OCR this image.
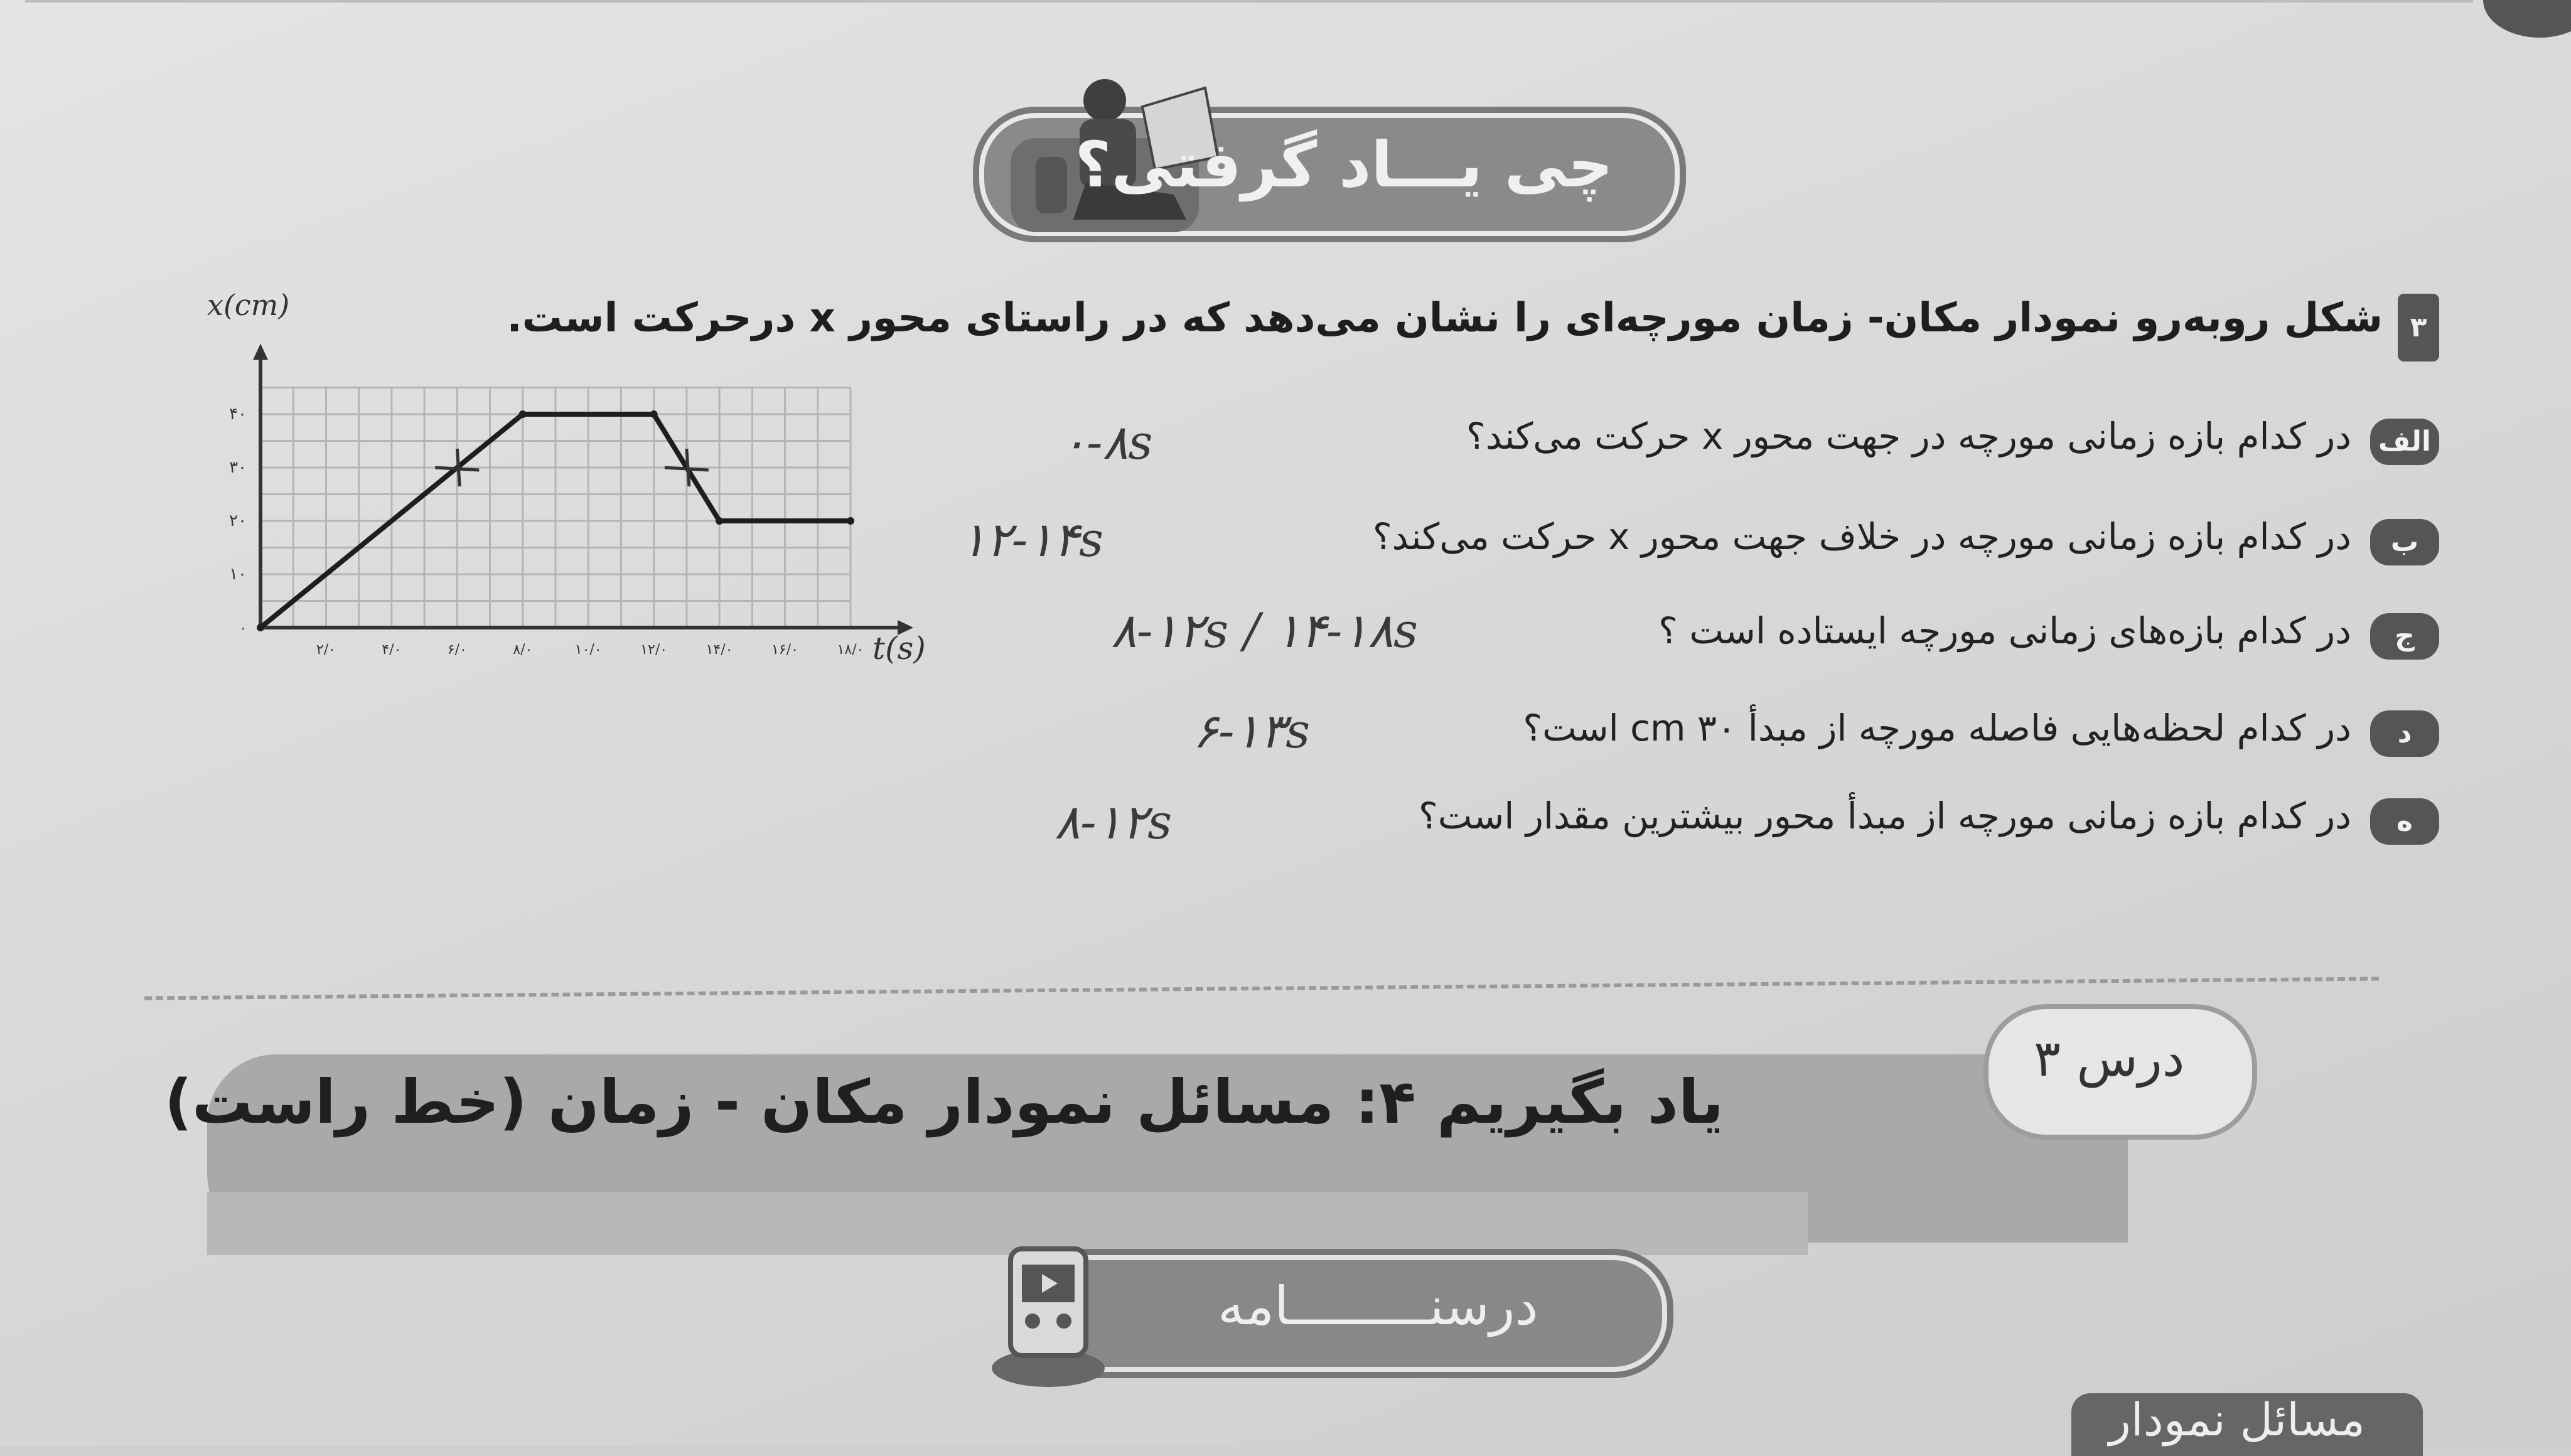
چی یـــاد گرفتی؟
۳
شکل روبه‌رو نمودار مکان- زمان مورچه‌ای را نشان می‌دهد که در راستای محور x درحرکت است.
الف
در کدام بازه زمانی مورچه در جهت محور x حرکت می‌کند؟
۰-۸s
ب
در کدام بازه زمانی مورچه در خلاف جهت محور x حرکت می‌کند؟
۱۲-۱۴s
ج
در کدام بازه‌های زمانی مورچه ایستاده است ؟
۸-۱۲s / ۱۴-۱۸s
د
در کدام لحظه‌هایی فاصله مورچه از مبدأ ۳۰ cm است؟
۶-۱۳s
ه
در کدام بازه زمانی مورچه از مبدأ محور بیشترین مقدار است؟
۸-۱۲s
۲/۰	۴/۰	۶/۰	۸/۰	۱۰/۰	۱۲/۰	۱۴/۰	۱۶/۰	۱۸/۰
۱۰
۲۰
۳۰
۴۰
۰
x(cm)
t(s)
درس ۳
یاد بگیریم ۴: مسائل نمودار مکان - زمان (خط راست)
درسنـــــــــامه
مسائل نمودار
